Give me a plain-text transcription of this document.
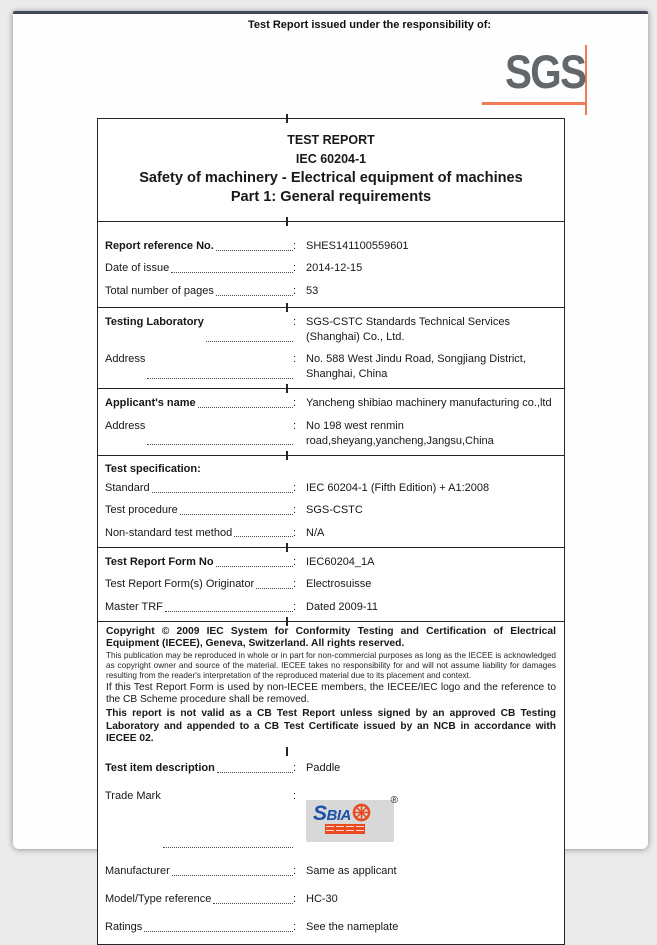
Test Report issued under the responsibility of:
SGS
TEST REPORT
IEC 60204-1
Safety of machinery - Electrical equipment of machines
Part 1: General requirements
Report reference No. :	SHES141100559601
Date of issue :	2014-12-15
Total number of pages :	53
Testing Laboratory :	SGS-CSTC Standards Technical Services (Shanghai) Co., Ltd.
Address :	No. 588 West Jindu Road, Songjiang District, Shanghai, China
Applicant's name :	Yancheng shibiao machinery manufacturing co.,ltd
Address :	No 198 west renmin road,sheyang,yancheng,Jangsu,China
Test specification:
Standard :	IEC 60204-1 (Fifth Edition) + A1:2008
Test procedure :	SGS-CSTC
Non-standard test method :	N/A
Test Report Form No :	IEC60204_1A
Test Report Form(s) Originator :	Electrosuisse
Master TRF :	Dated 2009-11

Copyright © 2009 IEC System for Conformity Testing and Certification of Electrical Equipment (IECEE), Geneva, Switzerland. All rights reserved.

This publication may be reproduced in whole or in part for non-commercial purposes as long as the IECEE is acknowledged as copyright owner and source of the material. IECEE takes no responsibility for and will not assume liability for damages resulting from the reader's interpretation of the reproduced material due to its placement and context.

If this Test Report Form is used by non-IECEE members, the IECEE/IEC logo and the reference to the CB Scheme procedure shall be removed.

This report is not valid as a CB Test Report unless signed by an approved CB Testing Laboratory and appended to a CB Test Certificate issued by an NCB in accordance with IECEE 02.

Test item description :	Paddle
Trade Mark :	®
SBIA
Manufacturer :	Same as applicant
Model/Type reference :	HC-30
Ratings :	See the nameplate
